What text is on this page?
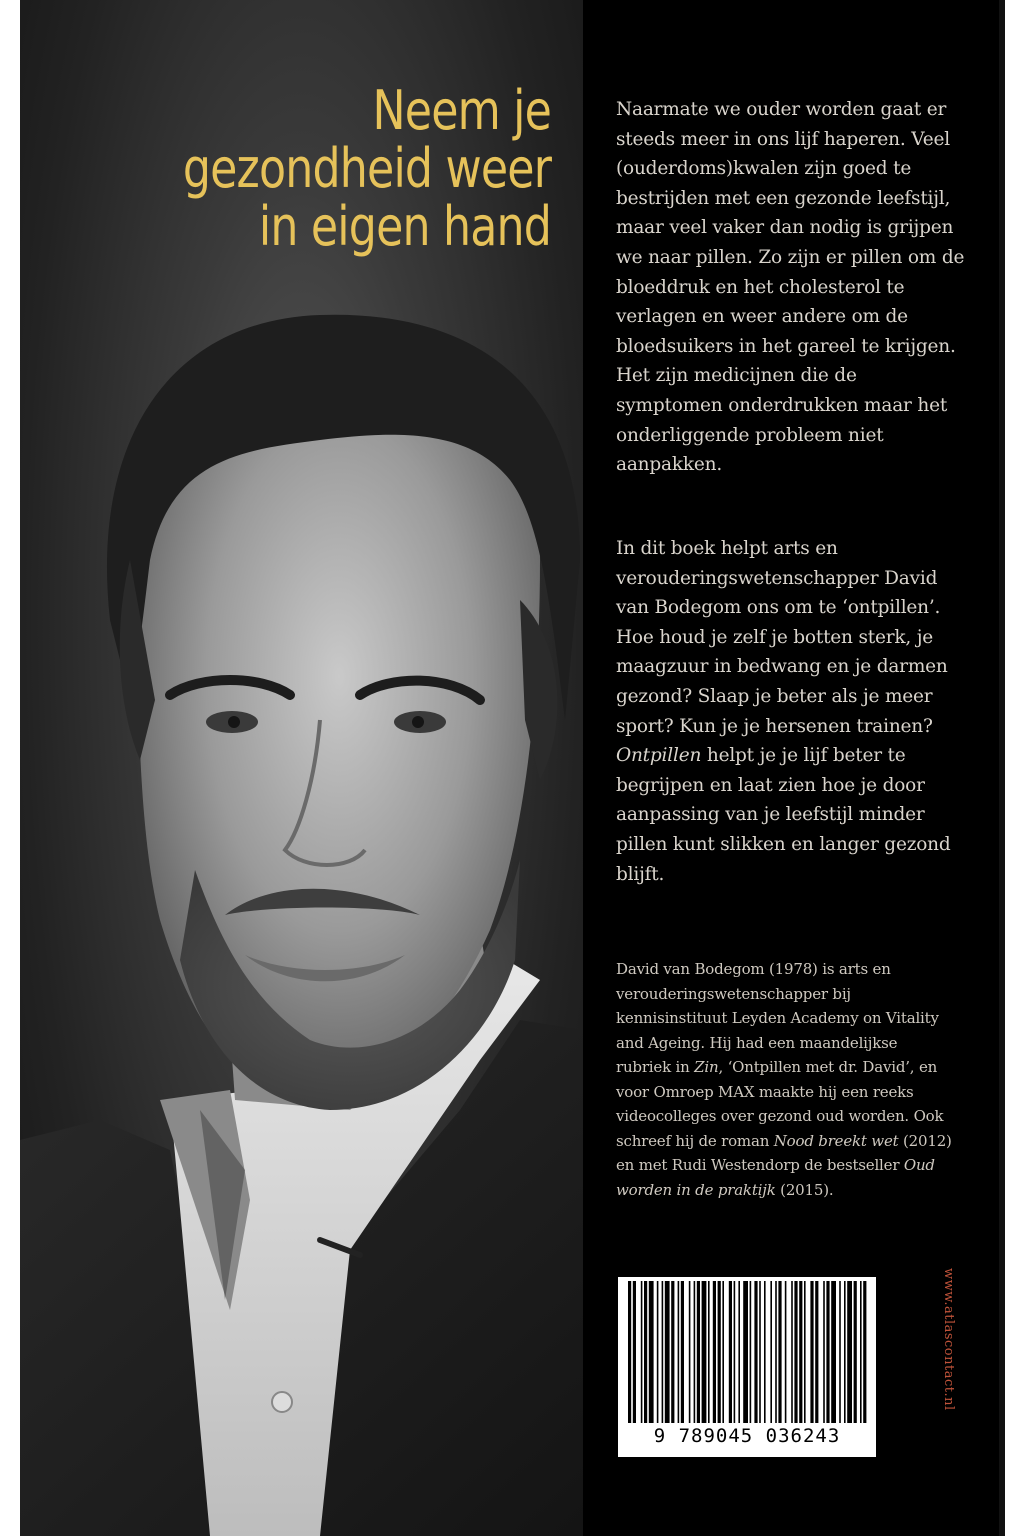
Neem je
gezondheid weer
in eigen hand

Naarmate we ouder worden gaat er steeds meer in ons lijf haperen. Veel (ouderdoms)kwalen zijn goed te bestrijden met een gezonde leefstijl, maar veel vaker dan nodig is grijpen we naar pillen. Zo zijn er pillen om de bloeddruk en het cholesterol te verlagen en weer andere om de bloedsuikers in het gareel te krijgen. Het zijn medicijnen die de symptomen onderdrukken maar het onderliggende probleem niet aanpakken.

In dit boek helpt arts en verouderingswetenschapper David van Bodegom ons om te ‘ontpillen’. Hoe houd je zelf je botten sterk, je maagzuur in bedwang en je darmen gezond? Slaap je beter als je meer sport? Kun je je hersenen trainen? Ontpillen helpt je je lijf beter te begrijpen en laat zien hoe je door aanpassing van je leefstijl minder pillen kunt slikken en langer gezond blijft.

David van Bodegom (1978) is arts en verouderingswetenschapper bij kennisinstituut Leyden Academy on Vitality and Ageing. Hij had een maandelijkse rubriek in Zin, ‘Ontpillen met dr. David’, en voor Omroep MAX maakte hij een reeks videocolleges over gezond oud worden. Ook schreef hij de roman Nood breekt wet (2012) en met Rudi Westendorp de bestseller Oud worden in de praktijk (2015).

9 789045 036243
www.atlascontact.nl
